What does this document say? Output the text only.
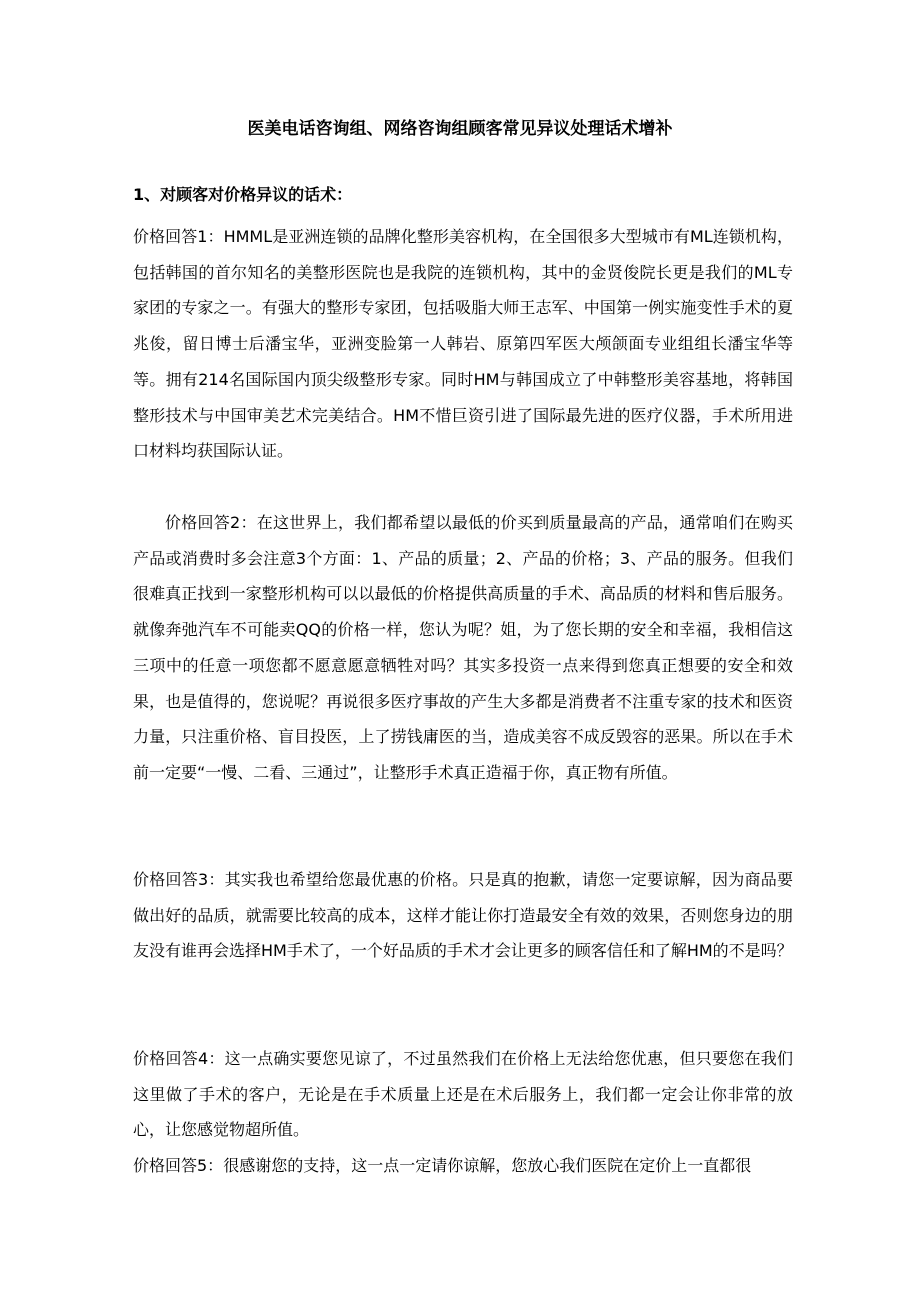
医美电话咨询组、网络咨询组顾客常见异议处理话术增补
1、对顾客对价格异议的话术：

价格回答1：HMML是亚洲连锁的品牌化整形美容机构，在全国很多大型城市有ML连锁机构，包括韩国的首尔知名的美整形医院也是我院的连锁机构，其中的金贤俊院长更是我们的ML专家团的专家之一。有强大的整形专家团，包括吸脂大师王志军、中国第一例实施变性手术的夏兆俊，留日博士后潘宝华，亚洲变脸第一人韩岩、原第四军医大颅颌面专业组组长潘宝华等等。拥有214名国际国内顶尖级整形专家。同时HM与韩国成立了中韩整形美容基地，将韩国整形技术与中国审美艺术完美结合。HM不惜巨资引进了国际最先进的医疗仪器，手术所用进口材料均获国际认证。

价格回答2：在这世界上，我们都希望以最低的价买到质量最高的产品，通常咱们在购买产品或消费时多会注意3个方面：1、产品的质量；2、产品的价格；3、产品的服务。但我们很难真正找到一家整形机构可以以最低的价格提供高质量的手术、高品质的材料和售后服务。就像奔弛汽车不可能卖QQ的价格一样，您认为呢？姐，为了您长期的安全和幸福，我相信这三项中的任意一项您都不愿意愿意牺牲对吗？其实多投资一点来得到您真正想要的安全和效果，也是值得的，您说呢？再说很多医疗事故的产生大多都是消费者不注重专家的技术和医资力量，只注重价格、盲目投医，上了捞钱庸医的当，造成美容不成反毁容的恶果。所以在手术前一定要“一慢、二看、三通过”，让整形手术真正造福于你，真正物有所值。

价格回答3：其实我也希望给您最优惠的价格。只是真的抱歉，请您一定要谅解，因为商品要做出好的品质，就需要比较高的成本，这样才能让你打造最安全有效的效果，否则您身边的朋友没有谁再会选择HM手术了，一个好品质的手术才会让更多的顾客信任和了解HM的不是吗？

价格回答4：这一点确实要您见谅了，不过虽然我们在价格上无法给您优惠，但只要您在我们这里做了手术的客户，无论是在手术质量上还是在术后服务上，我们都一定会让你非常的放心，让您感觉物超所值。

价格回答5：很感谢您的支持，这一点一定请你谅解，您放心我们医院在定价上一直都很
